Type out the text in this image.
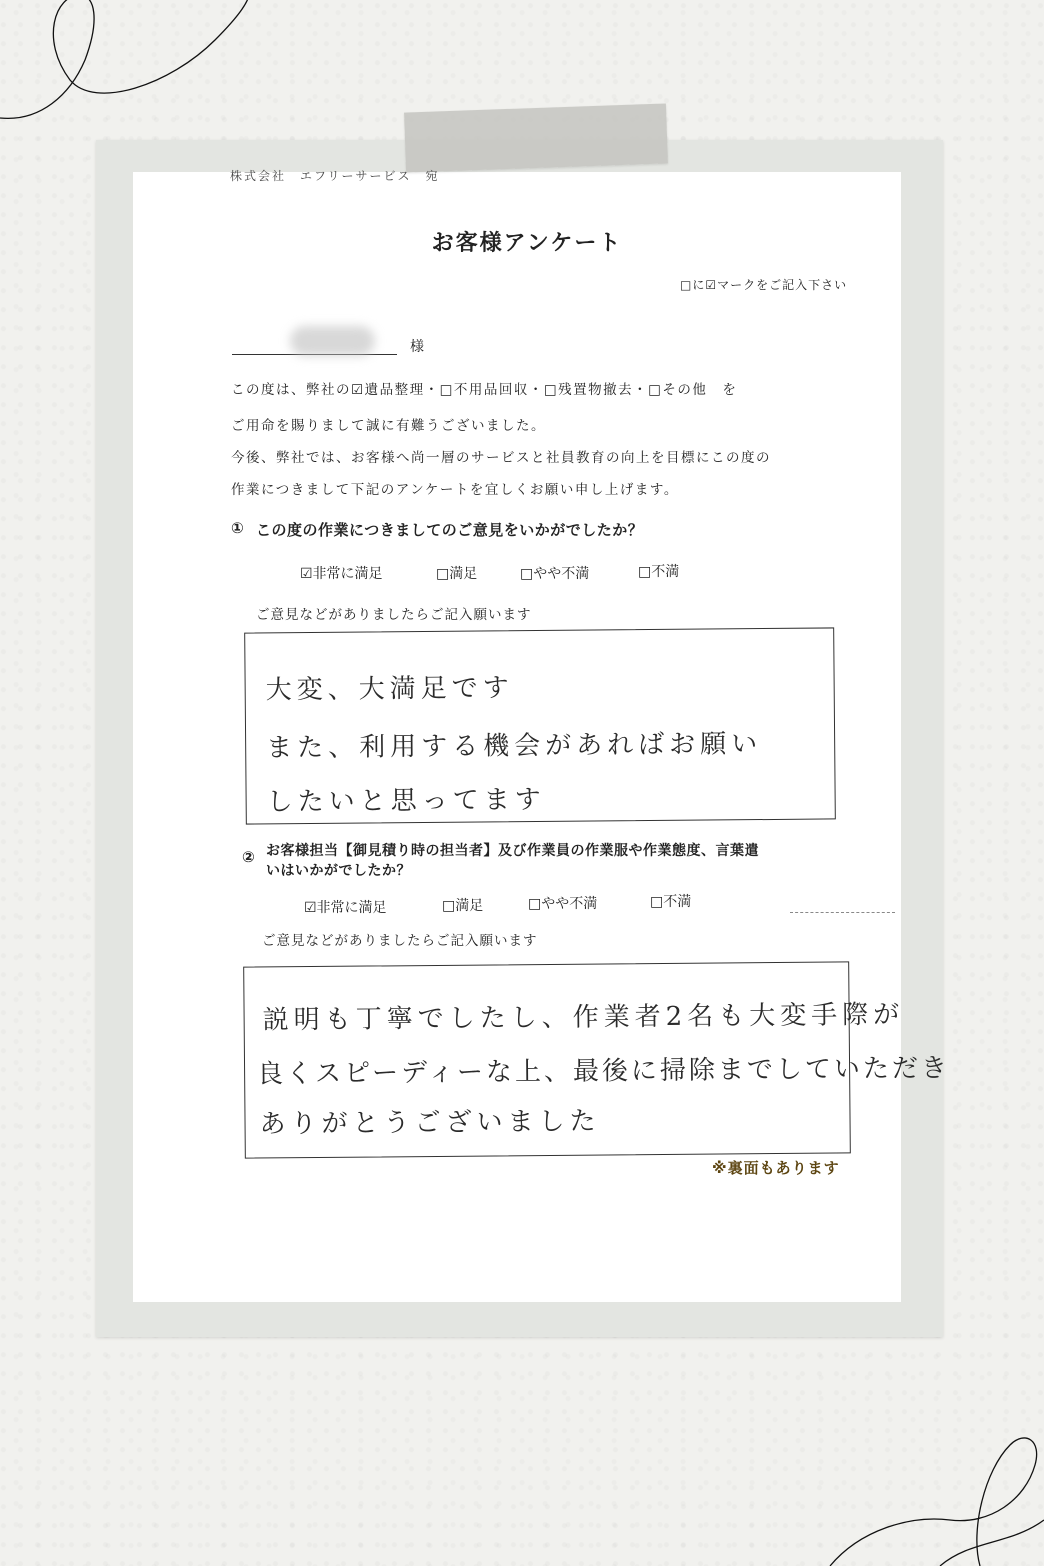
株式会社　エフリーサービス　宛
お客様アンケート
□に☑マークをご記入下さい
様
この度は、弊社の☑遺品整理・□不用品回収・□残置物撤去・□その他　を
ご用命を賜りまして誠に有難うございました。
今後、弊社では、お客様へ尚一層のサービスと社員教育の向上を目標にこの度の
作業につきまして下記のアンケートを宜しくお願い申し上げます。
① この度の作業につきましてのご意見をいかがでしたか？
☑非常に満足	□満足	□やや不満	□不満
ご意見などがありましたらご記入願います
大変、大満足です
また、利用する機会があればお願い
したいと思ってます
② お客様担当【御見積り時の担当者】及び作業員の作業服や作業態度、言葉遣
いはいかがでしたか？
☑非常に満足	□満足	□やや不満	□不満
ご意見などがありましたらご記入願います
説明も丁寧でしたし、作業者2名も大変手際が
良くスピーディーな上、最後に掃除までしていただき
ありがとうございました
※裏面もあります
